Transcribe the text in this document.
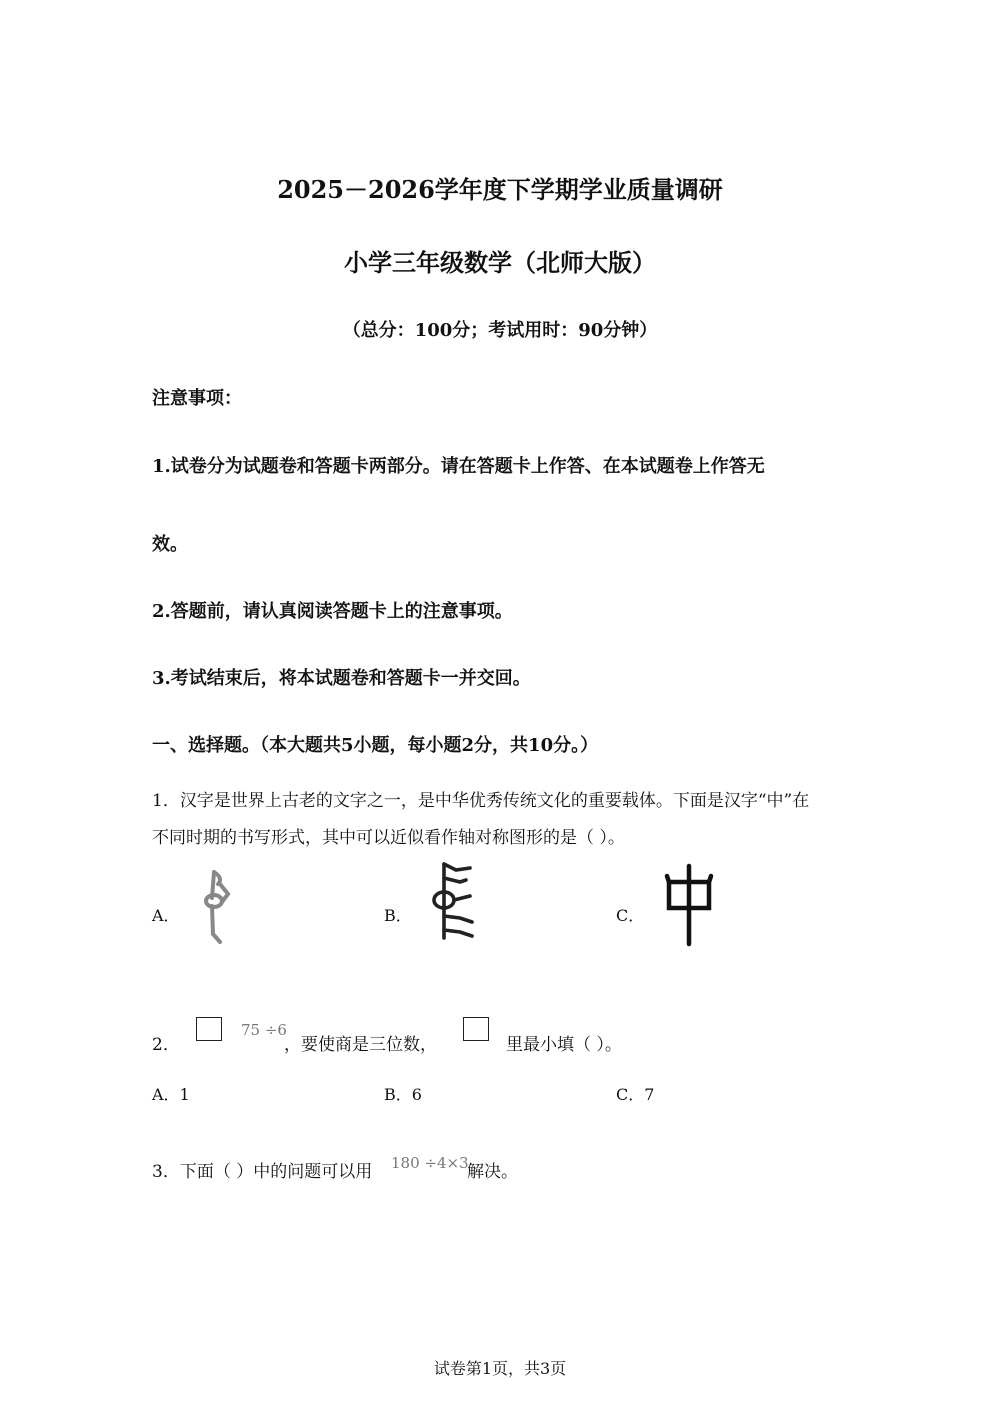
2025－2026学年度下学期学业质量调研
小学三年级数学（北师大版）
（总分：100分；考试用时：90分钟）
注意事项：
1.试卷分为试题卷和答题卡两部分。请在答题卡上作答、在本试题卷上作答无
效。
2.答题前，请认真阅读答题卡上的注意事项。
3.考试结束后，将本试题卷和答题卡一并交回。
一、选择题。（本大题共5小题，每小题2分，共10分。）
1．汉字是世界上古老的文字之一，是中华优秀传统文化的重要载体。下面是汉字“中”在
不同时期的书写形式，其中可以近似看作轴对称图形的是（ ）。
A．	B．	C．
2．
75 ÷6
，要使商是三位数，	里最小填（ ）。
A．1	B．6	C．7
3．下面（ ）中的问题可以用 180 ÷4×3
解决。
试卷第1页，共3页
